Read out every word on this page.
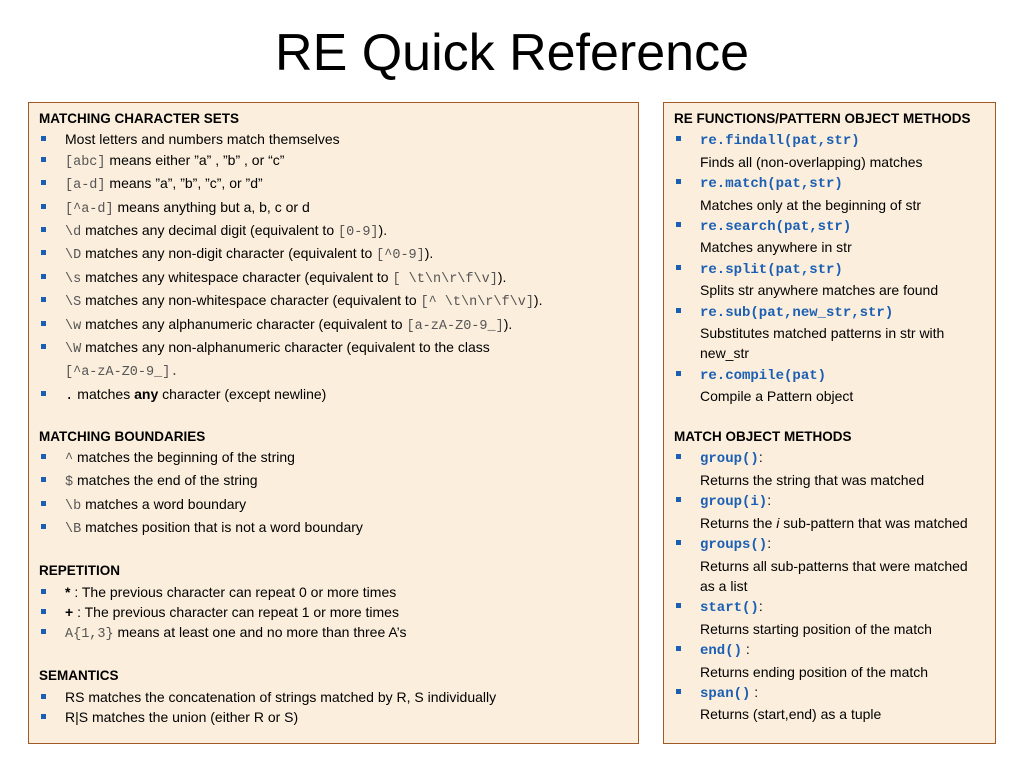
RE Quick Reference
MATCHING CHARACTER SETS
Most letters and numbers match themselves
[abc] means either ”a” , ”b” , or “c”
[a-d] means ”a”, ”b”, ”c”, or ”d”
[^a-d] means anything but a, b, c or d
\d matches any decimal digit (equivalent to [0-9]).
\D matches any non-digit character (equivalent to [^0-9]).
\s matches any whitespace character (equivalent to [ \t\n\r\f\v]).
\S matches any non-whitespace character (equivalent to [^ \t\n\r\f\v]).
\w matches any alphanumeric character (equivalent to [a-zA-Z0-9_]).
\W matches any non-alphanumeric character (equivalent to the class
[^a-zA-Z0-9_].
. matches any character (except newline)
MATCHING BOUNDARIES
^ matches the beginning of the string
$ matches the end of the string
\b matches a word boundary
\B matches position that is not a word boundary
REPETITION
* : The previous character can repeat 0 or more times
+ : The previous character can repeat 1 or more times
A{1,3} means at least one and no more than three A’s
SEMANTICS
RS matches the concatenation of strings matched by R, S individually
R|S matches the union (either R or S)
RE FUNCTIONS/PATTERN OBJECT METHODS
re.findall(pat,str)
Finds all (non-overlapping) matches
re.match(pat,str)
Matches only at the beginning of str
re.search(pat,str)
Matches anywhere in str
re.split(pat,str)
Splits str anywhere matches are found
re.sub(pat,new_str,str)
Substitutes matched patterns in str with new_str
re.compile(pat)
Compile a Pattern object
MATCH OBJECT METHODS
group():
Returns the string that was matched
group(i):
Returns the i sub-pattern that was matched
groups():
Returns all sub-patterns that were matched as a list
start():
Returns starting position of the match
end() :
Returns ending position of the match
span() :
Returns (start,end) as a tuple
